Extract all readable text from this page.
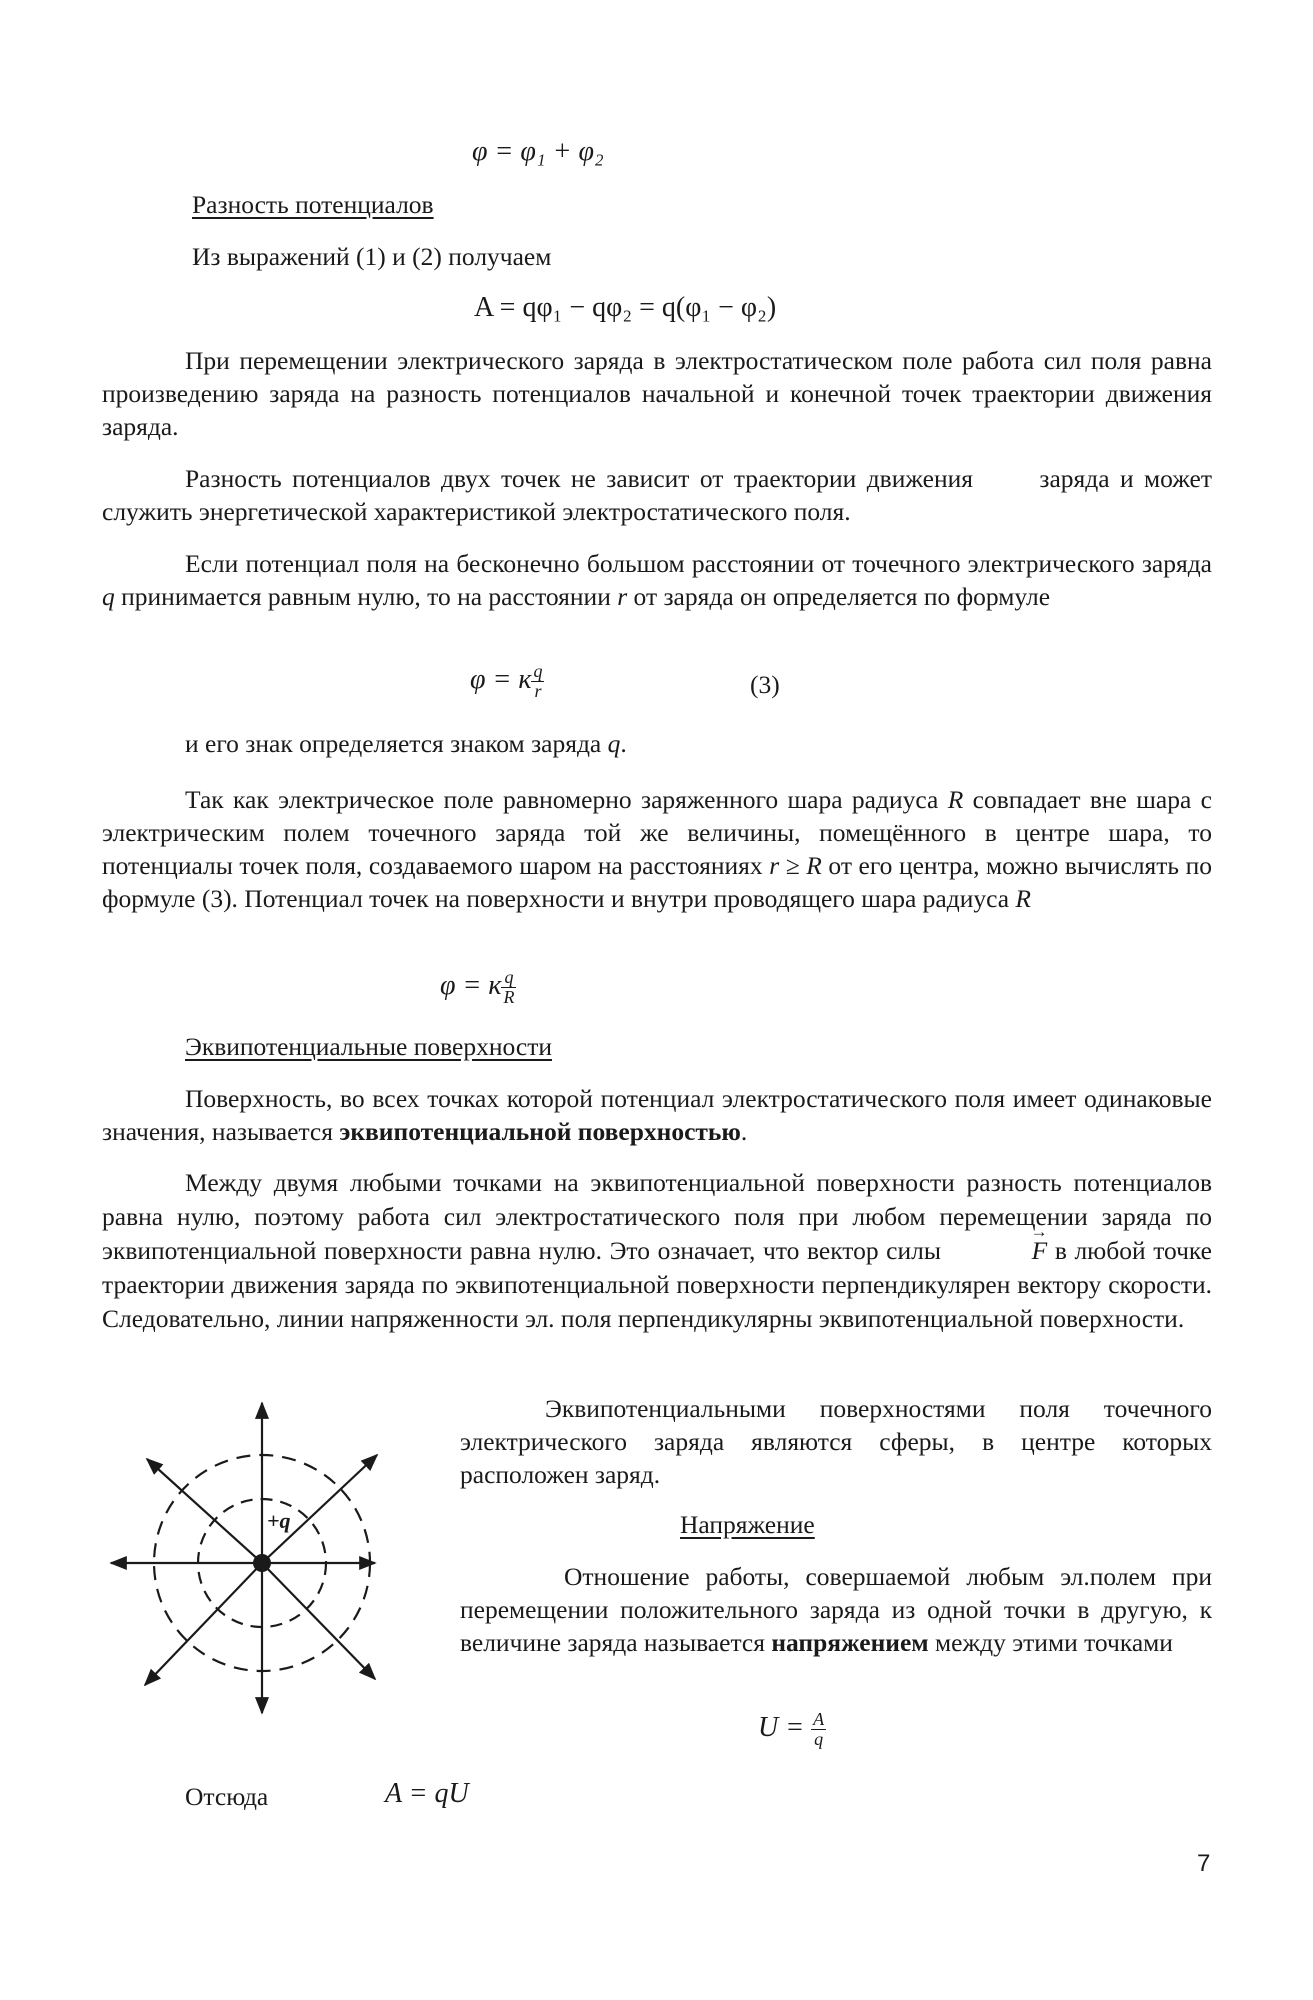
φ = φ₁ + φ₂
Разность потенциалов
Из выражений (1) и (2) получаем
A = qφ₁ − qφ₂ = q(φ₁ − φ₂)
При перемещении электрического заряда в электростатическом поле работа сил поля равна произведению заряда на разность потенциалов начальной и конечной точек траектории движения заряда.
Разность потенциалов двух точек не зависит от траектории движения	заряда и может служить энергетической характеристикой электростатического поля.
Если потенциал поля на бесконечно большом расстоянии от точечного электрического заряда q принимается равным нулю, то на расстоянии r от заряда он определяется по формуле
φ = к $\frac{q}{r}$	(3)
и его знак определяется знаком заряда q.
Так как электрическое поле равномерно заряженного шара радиуса R совпадает вне шара с электрическим полем точечного заряда той же величины, помещённого в центре шара, то потенциалы точек поля, создаваемого шаром на расстояниях r ≥ R от его центра, можно вычислять по формуле (3). Потенциал точек на поверхности и внутри проводящего шара радиуса R
φ = к $\frac{q}{R}$
Эквипотенциальные поверхности
Поверхность, во всех точках которой потенциал электростатического поля имеет одинаковые значения, называется эквипотенциальной поверхностью.
Между двумя любыми точками на эквипотенциальной поверхности разность потенциалов равна нулю, поэтому работа сил электростатического поля при любом перемещении заряда по эквипотенциальной поверхности равна нулю. Это означает, что вектор силы →	F в любой точке траектории движения заряда по эквипотенциальной поверхности перпендикулярен вектору скорости. Следовательно, линии напряженности эл. поля перпендикулярны эквипотенциальной поверхности.
+q
Эквипотенциальными поверхностями поля точечного электрического заряда являются сферы, в центре которых расположен заряд.
Напряжение
Отношение работы, совершаемой любым эл.полем при перемещении положительного заряда из одной точки в другую, к величине заряда называется напряжением между этими точками
$U = \frac{A}{q}$
Отсюда	A = qU
7
